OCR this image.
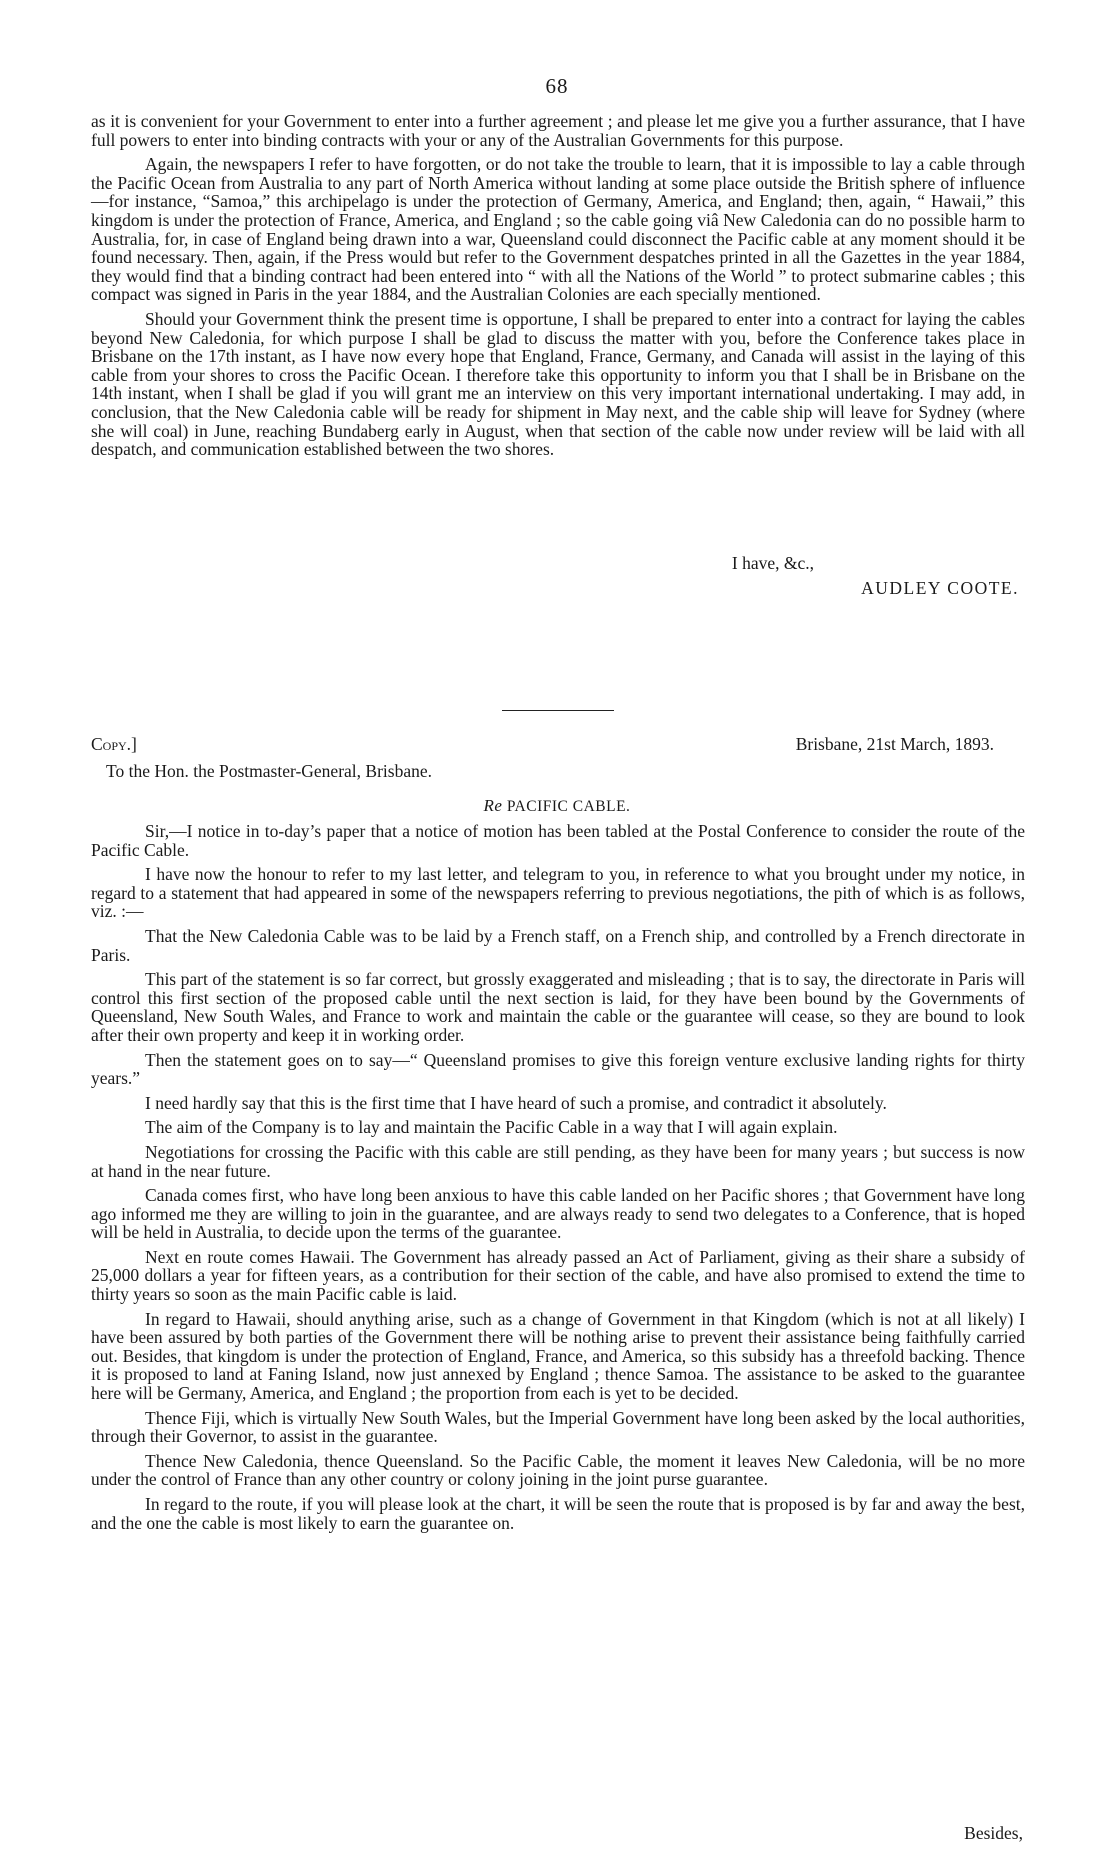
68

as it is convenient for your Government to enter into a further agreement ; and please let me give you a further assurance, that I have full powers to enter into binding contracts with your or any of the Australian Governments for this purpose.

Again, the newspapers I refer to have forgotten, or do not take the trouble to learn, that it is impossible to lay a cable through the Pacific Ocean from Australia to any part of North America without landing at some place outside the British sphere of influence—for instance, “Samoa,” this archipelago is under the protection of Germany, America, and England; then, again, “ Hawaii,” this kingdom is under the protection of France, America, and England ; so the cable going viâ New Caledonia can do no possible harm to Australia, for, in case of England being drawn into a war, Queensland could disconnect the Pacific cable at any moment should it be found necessary. Then, again, if the Press would but refer to the Government despatches printed in all the Gazettes in the year 1884, they would find that a binding contract had been entered into “ with all the Nations of the World ” to protect submarine cables ; this compact was signed in Paris in the year 1884, and the Australian Colonies are each specially mentioned.

Should your Government think the present time is opportune, I shall be prepared to enter into a contract for laying the cables beyond New Caledonia, for which purpose I shall be glad to discuss the matter with you, before the Conference takes place in Brisbane on the 17th instant, as I have now every hope that England, France, Germany, and Canada will assist in the laying of this cable from your shores to cross the Pacific Ocean. I therefore take this opportunity to inform you that I shall be in Brisbane on the 14th instant, when I shall be glad if you will grant me an interview on this very important international undertaking. I may add, in conclusion, that the New Caledonia cable will be ready for shipment in May next, and the cable ship will leave for Sydney (where she will coal) in June, reaching Bundaberg early in August, when that section of the cable now under review will be laid with all despatch, and communication established between the two shores.

I have, &c.,
AUDLEY COOTE.
Copy.]	Brisbane, 21st March, 1893.
To the Hon. the Postmaster-General, Brisbane.
Re PACIFIC CABLE.

Sir,—I notice in to-day’s paper that a notice of motion has been tabled at the Postal Conference to consider the route of the Pacific Cable.

I have now the honour to refer to my last letter, and telegram to you, in reference to what you brought under my notice, in regard to a statement that had appeared in some of the newspapers referring to previous negotiations, the pith of which is as follows, viz. :—

That the New Caledonia Cable was to be laid by a French staff, on a French ship, and controlled by a French directorate in Paris.

This part of the statement is so far correct, but grossly exaggerated and misleading ; that is to say, the directorate in Paris will control this first section of the proposed cable until the next section is laid, for they have been bound by the Governments of Queensland, New South Wales, and France to work and maintain the cable or the guarantee will cease, so they are bound to look after their own property and keep it in working order.

Then the statement goes on to say—“ Queensland promises to give this foreign venture exclusive landing rights for thirty years.”

I need hardly say that this is the first time that I have heard of such a promise, and contradict it absolutely.

The aim of the Company is to lay and maintain the Pacific Cable in a way that I will again explain.

Negotiations for crossing the Pacific with this cable are still pending, as they have been for many years ; but success is now at hand in the near future.

Canada comes first, who have long been anxious to have this cable landed on her Pacific shores ; that Government have long ago informed me they are willing to join in the guarantee, and are always ready to send two delegates to a Conference, that is hoped will be held in Australia, to decide upon the terms of the guarantee.

Next en route comes Hawaii. The Government has already passed an Act of Parliament, giving as their share a subsidy of 25,000 dollars a year for fifteen years, as a contribution for their section of the cable, and have also promised to extend the time to thirty years so soon as the main Pacific cable is laid.

In regard to Hawaii, should anything arise, such as a change of Government in that Kingdom (which is not at all likely) I have been assured by both parties of the Government there will be nothing arise to prevent their assistance being faithfully carried out. Besides, that kingdom is under the protection of England, France, and America, so this subsidy has a threefold backing. Thence it is proposed to land at Faning Island, now just annexed by England ; thence Samoa. The assistance to be asked to the guarantee here will be Germany, America, and England ; the proportion from each is yet to be decided.

Thence Fiji, which is virtually New South Wales, but the Imperial Government have long been asked by the local authorities, through their Governor, to assist in the guarantee.

Thence New Caledonia, thence Queensland. So the Pacific Cable, the moment it leaves New Caledonia, will be no more under the control of France than any other country or colony joining in the joint purse guarantee.

In regard to the route, if you will please look at the chart, it will be seen the route that is proposed is by far and away the best, and the one the cable is most likely to earn the guarantee on.

Besides,
